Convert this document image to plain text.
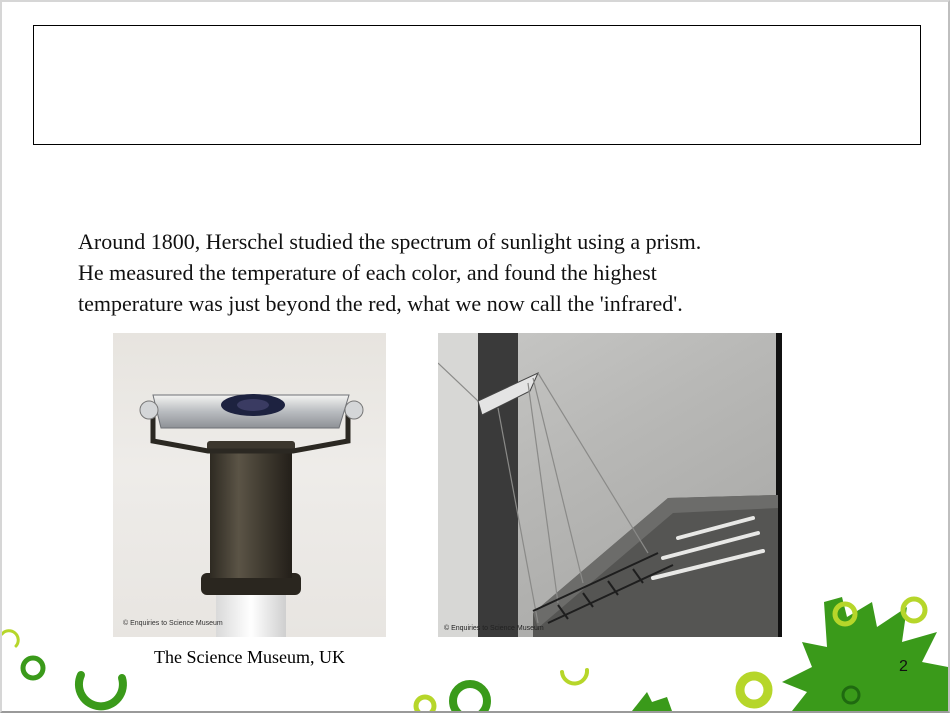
Around 1800, Herschel studied the spectrum of sunlight using a prism.
He measured the temperature of each color, and found the highest
temperature was just beyond the red, what we now call the 'infrared'.
© Enquiries to Science Museum
© Enquiries to Science Museum
The Science Museum, UK	2
